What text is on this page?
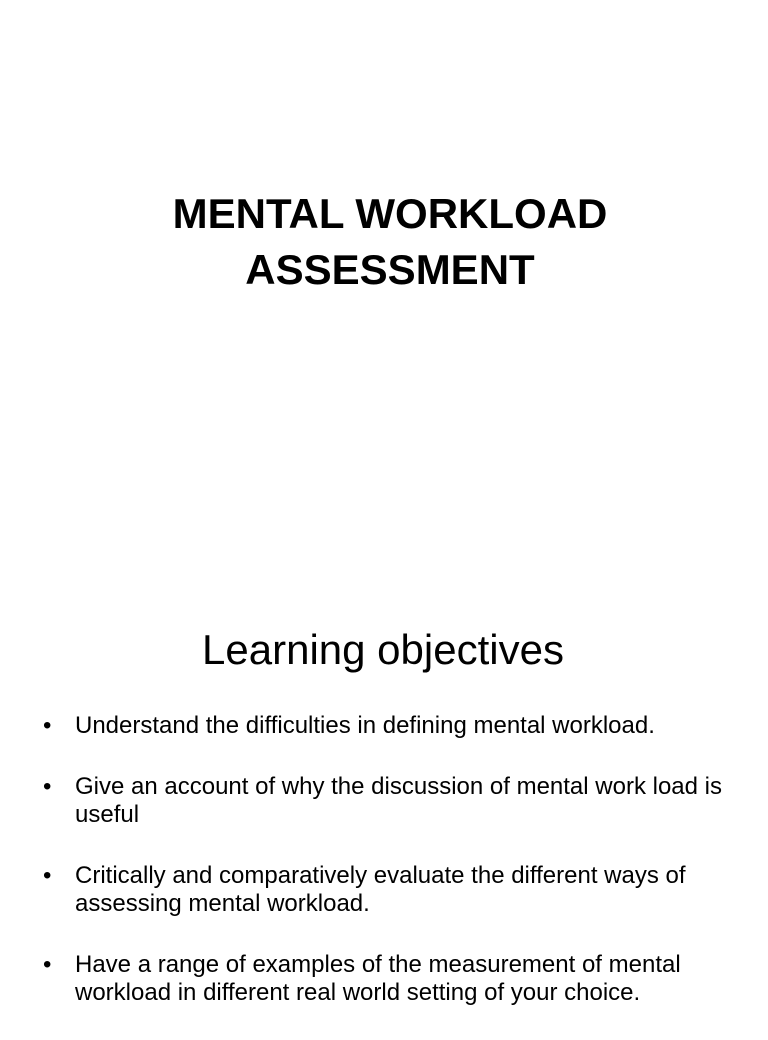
MENTAL WORKLOAD
ASSESSMENT
Learning objectives
• Understand the difficulties in defining mental workload.
• Give an account of why the discussion of mental work load is useful
• Critically and comparatively evaluate the different ways of assessing mental workload.
• Have a range of examples of the measurement of mental workload in different real world setting of your choice.
